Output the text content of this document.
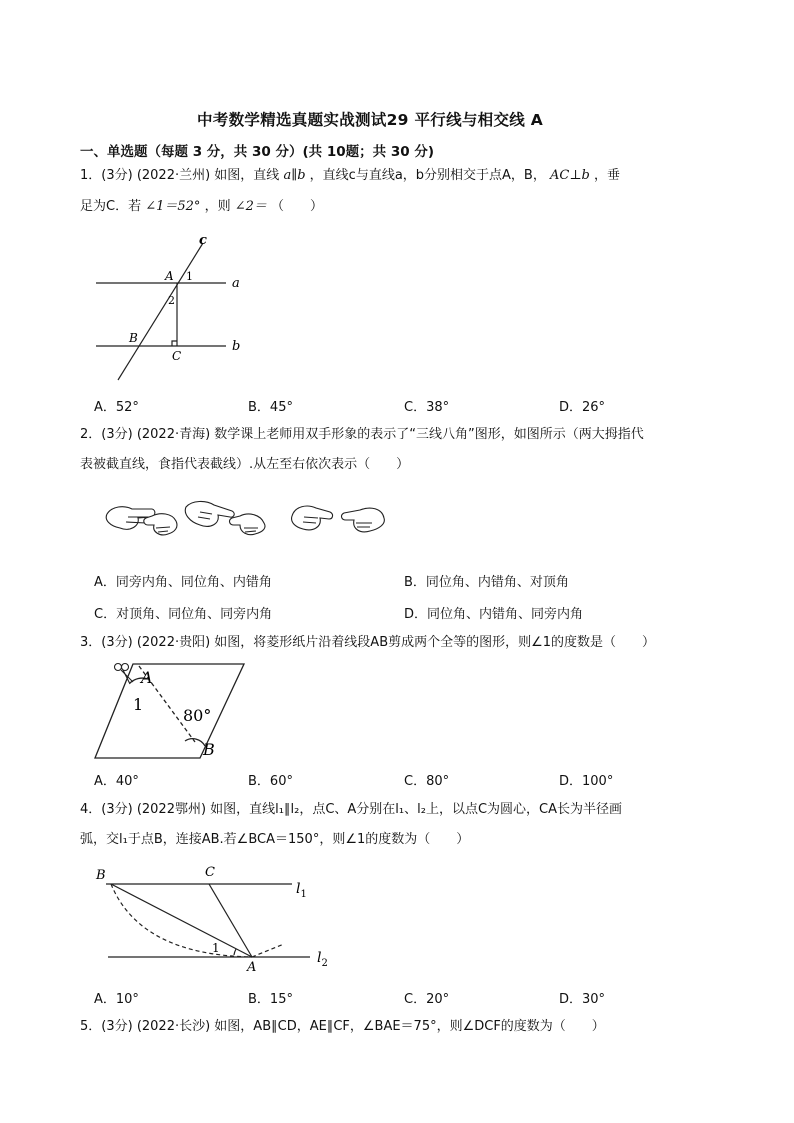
中考数学精选真题实战测试29 平行线与相交线 A
一、单选题（每题 3 分，共 30 分）(共 10题；共 30 分)
1．(3分) (2022·兰州) 如图，直线 a∥b ，直线c与直线a，b分别相交于点A，B， AC⊥b ，垂
足为C．若 ∠1＝52° ，则 ∠2＝ （　　）
c
a
b
A 1
2
B
C
A．52°	B．45°	C．38°	D．26°
2．(3分) (2022·青海) 数学课上老师用双手形象的表示了“三线八角”图形，如图所示（两大拇指代
表被截直线，食指代表截线）.从左至右依次表示（　　）
A．同旁内角、同位角、内错角	B．同位角、内错角、对顶角
C．对顶角、同位角、同旁内角	D．同位角、内错角、同旁内角
3．(3分) (2022·贵阳) 如图，将菱形纸片沿着线段AB剪成两个全等的图形，则∠1的度数是（　　）
A
1
80°
B
A．40°	B．60°	C．80°	D．100°
4．(3分) (2022鄂州) 如图，直线l₁∥l₂，点C、A分别在l₁、l₂上，以点C为圆心，CA长为半径画
弧，交l₁于点B，连接AB.若∠BCA＝150°，则∠1的度数为（　　）
B	C
A
1
$l_1$
$l_2$
A．10°	B．15°	C．20°	D．30°
5．(3分) (2022·长沙) 如图，AB∥CD，AE∥CF，∠BAE＝75°，则∠DCF的度数为（　　）
